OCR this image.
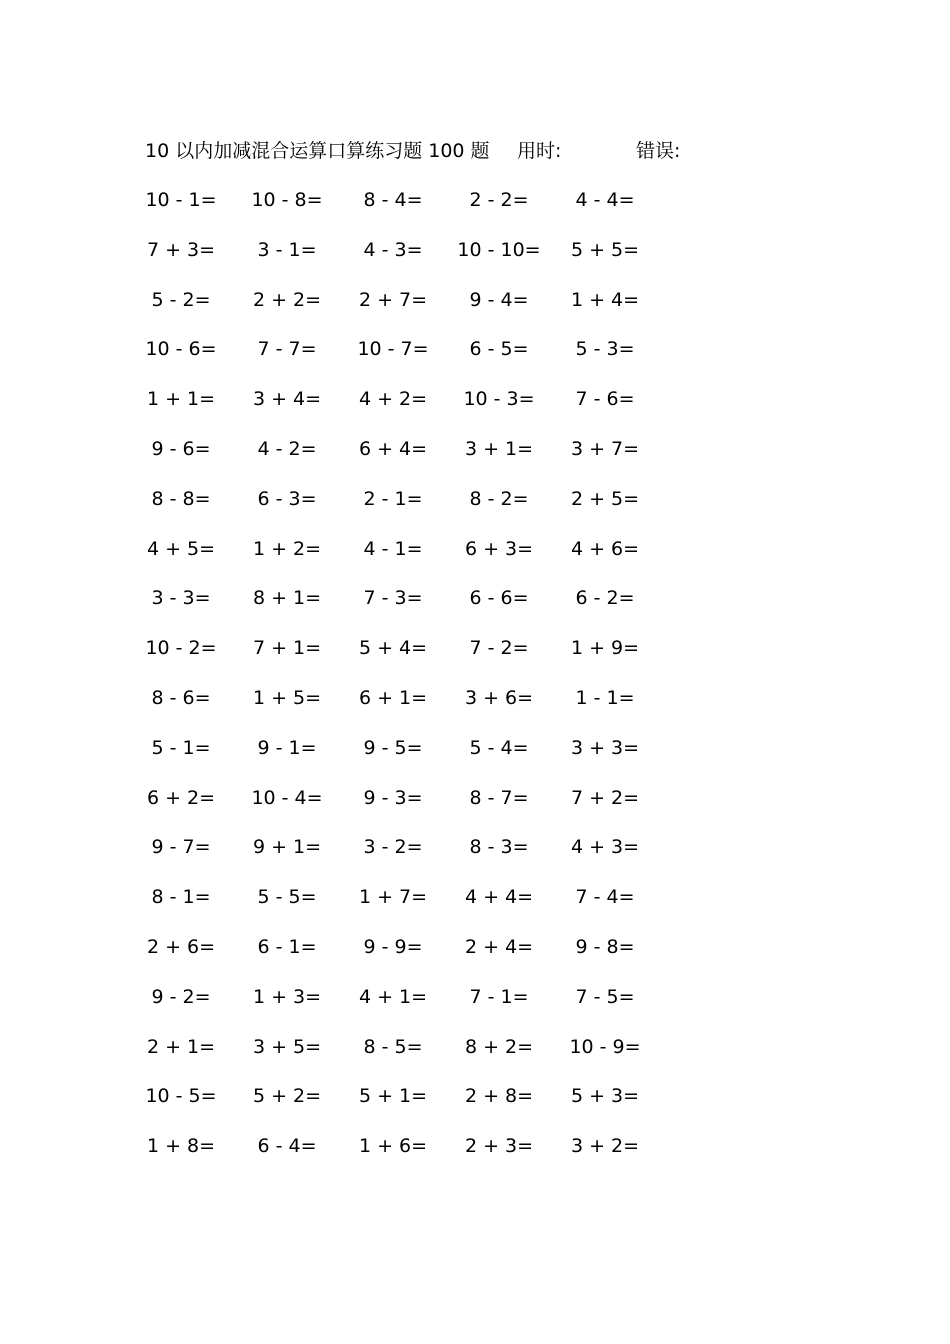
10 以内加减混合运算口算练习题 100 题 用时:	错误:
10 - 1=	10 - 8=	8 - 4=	2 - 2=	4 - 4=
7 + 3=	3 - 1=	4 - 3=	10 - 10=	5 + 5=
5 - 2=	2 + 2=	2 + 7=	9 - 4=	1 + 4=
10 - 6=	7 - 7=	10 - 7=	6 - 5=	5 - 3=
1 + 1=	3 + 4=	4 + 2=	10 - 3=	7 - 6=
9 - 6=	4 - 2=	6 + 4=	3 + 1=	3 + 7=
8 - 8=	6 - 3=	2 - 1=	8 - 2=	2 + 5=
4 + 5=	1 + 2=	4 - 1=	6 + 3=	4 + 6=
3 - 3=	8 + 1=	7 - 3=	6 - 6=	6 - 2=
10 - 2=	7 + 1=	5 + 4=	7 - 2=	1 + 9=
8 - 6=	1 + 5=	6 + 1=	3 + 6=	1 - 1=
5 - 1=	9 - 1=	9 - 5=	5 - 4=	3 + 3=
6 + 2=	10 - 4=	9 - 3=	8 - 7=	7 + 2=
9 - 7=	9 + 1=	3 - 2=	8 - 3=	4 + 3=
8 - 1=	5 - 5=	1 + 7=	4 + 4=	7 - 4=
2 + 6=	6 - 1=	9 - 9=	2 + 4=	9 - 8=
9 - 2=	1 + 3=	4 + 1=	7 - 1=	7 - 5=
2 + 1=	3 + 5=	8 - 5=	8 + 2=	10 - 9=
10 - 5=	5 + 2=	5 + 1=	2 + 8=	5 + 3=
1 + 8=	6 - 4=	1 + 6=	2 + 3=	3 + 2=
